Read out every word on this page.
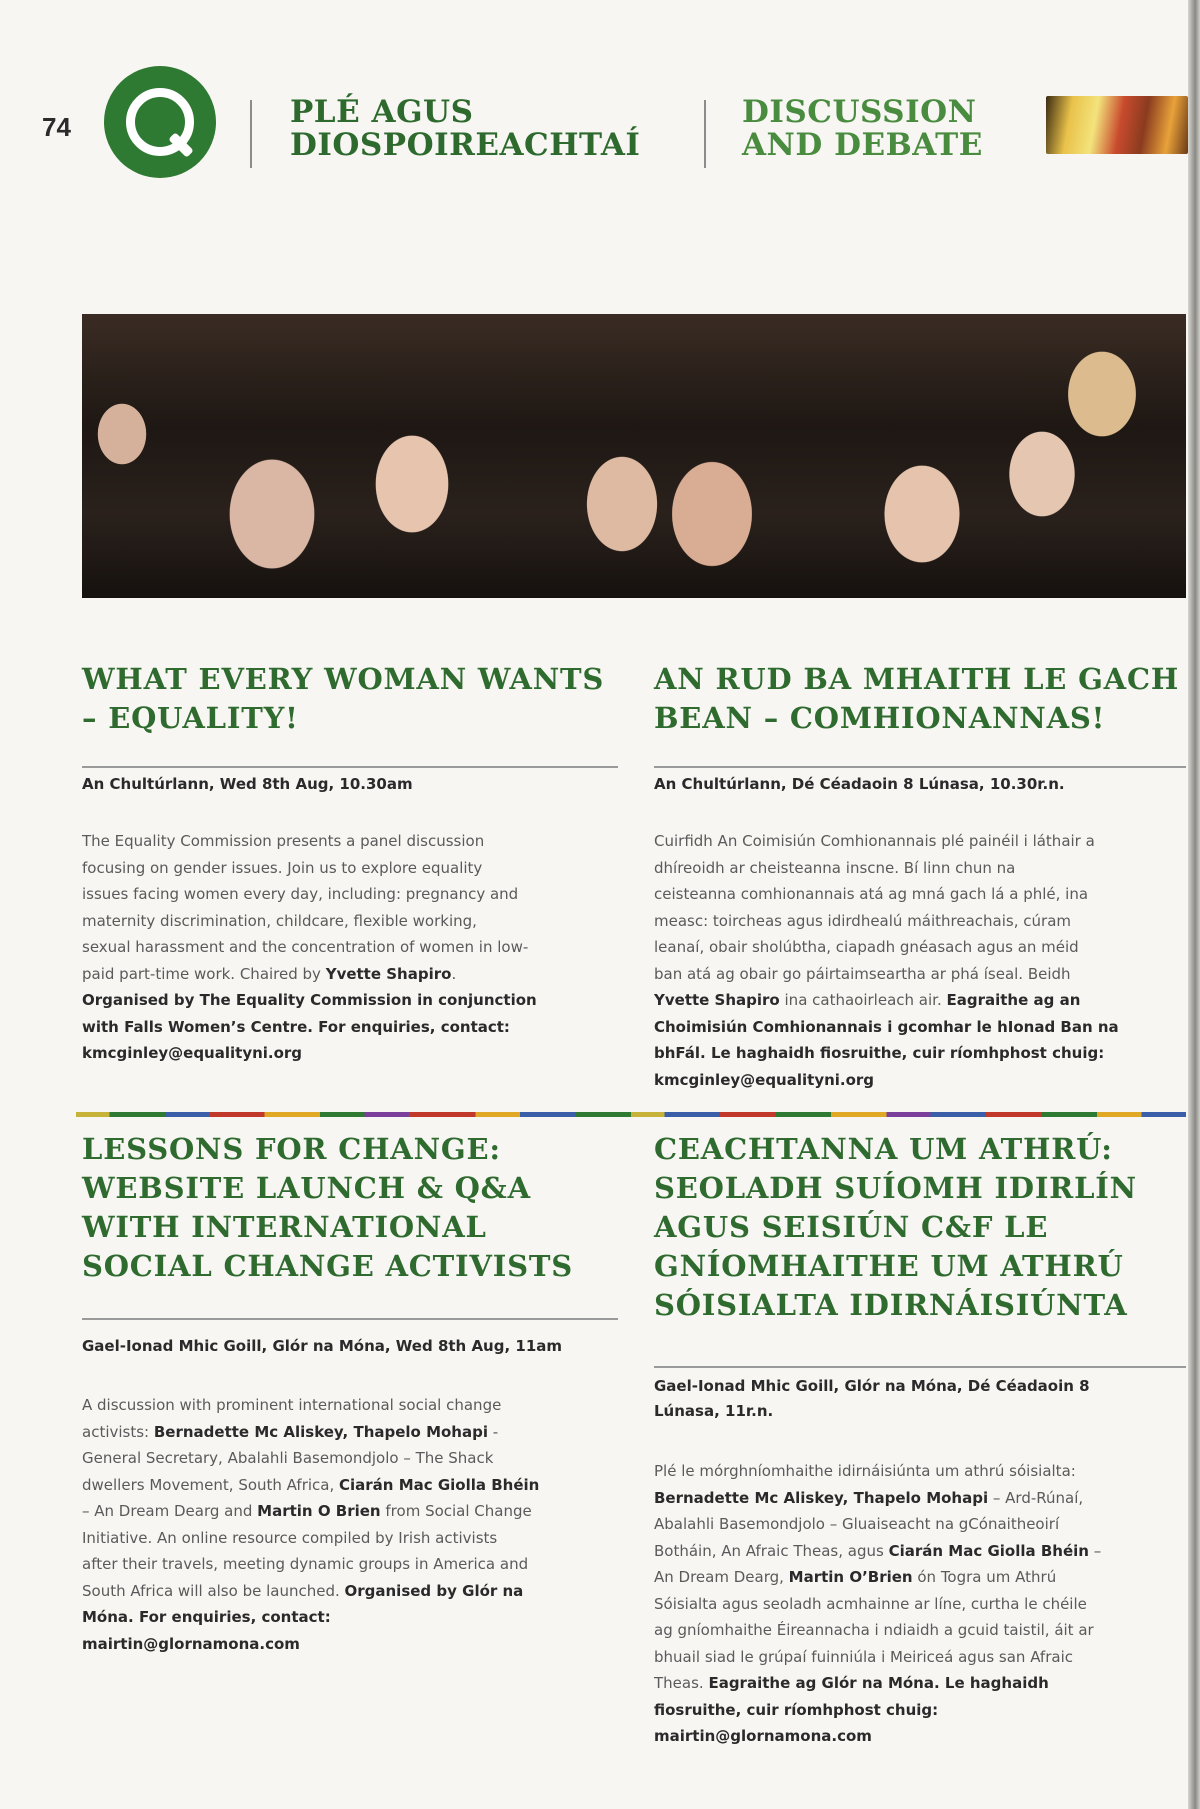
74	PLÉ AGUS
DIOSPOIREACHTAÍ
DISCUSSION
AND DEBATE
WHAT EVERY WOMAN WANTS
– EQUALITY!
An Chultúrlann, Wed 8th Aug, 10.30am
The Equality Commission presents a panel discussion
focusing on gender issues. Join us to explore equality
issues facing women every day, including: pregnancy and
maternity discrimination, childcare, flexible working,
sexual harassment and the concentration of women in low-
paid part-time work. Chaired by Yvette Shapiro.
Organised by The Equality Commission in conjunction
with Falls Women’s Centre. For enquiries, contact:
kmcginley@equalityni.org
AN RUD BA MHAITH LE GACH
BEAN – COMHIONANNAS!
An Chultúrlann, Dé Céadaoin 8 Lúnasa, 10.30r.n.
Cuirfidh An Coimisiún Comhionannais plé painéil i láthair a
dhíreoidh ar cheisteanna inscne. Bí linn chun na
ceisteanna comhionannais atá ag mná gach lá a phlé, ina
measc: toircheas agus idirdhealú máithreachais, cúram
leanaí, obair sholúbtha, ciapadh gnéasach agus an méid
ban atá ag obair go páirtaimseartha ar phá íseal. Beidh
Yvette Shapiro ina cathaoirleach air. Eagraithe ag an
Choimisiún Comhionannais i gcomhar le hIonad Ban na
bhFál. Le haghaidh fiosruithe, cuir ríomhphost chuig:
kmcginley@equalityni.org
LESSONS FOR CHANGE:
WEBSITE LAUNCH & Q&A
WITH INTERNATIONAL
SOCIAL CHANGE ACTIVISTS
Gael-Ionad Mhic Goill, Glór na Móna, Wed 8th Aug, 11am
A discussion with prominent international social change
activists: Bernadette Mc Aliskey, Thapelo Mohapi -
General Secretary, Abalahli Basemondjolo – The Shack
dwellers Movement, South Africa, Ciarán Mac Giolla Bhéin
– An Dream Dearg and Martin O Brien from Social Change
Initiative. An online resource compiled by Irish activists
after their travels, meeting dynamic groups in America and
South Africa will also be launched. Organised by Glór na
Móna. For enquiries, contact:
mairtin@glornamona.com
CEACHTANNA UM ATHRÚ:
SEOLADH SUÍOMH IDIRLÍN
AGUS SEISIÚN C&F LE
GNÍOMHAITHE UM ATHRÚ
SÓISIALTA IDIRNÁISIÚNTA
Gael-Ionad Mhic Goill, Glór na Móna, Dé Céadaoin 8
Lúnasa, 11r.n.
Plé le mórghníomhaithe idirnáisiúnta um athrú sóisialta:
Bernadette Mc Aliskey, Thapelo Mohapi – Ard-Rúnaí,
Abalahli Basemondjolo – Gluaiseacht na gCónaitheoirí
Botháin, An Afraic Theas, agus Ciarán Mac Giolla Bhéin –
An Dream Dearg, Martin O’Brien ón Togra um Athrú
Sóisialta agus seoladh acmhainne ar líne, curtha le chéile
ag gníomhaithe Éireannacha i ndiaidh a gcuid taistil, áit ar
bhuail siad le grúpaí fuinniúla i Meiriceá agus san Afraic
Theas. Eagraithe ag Glór na Móna. Le haghaidh
fiosruithe, cuir ríomhphost chuig:
mairtin@glornamona.com
